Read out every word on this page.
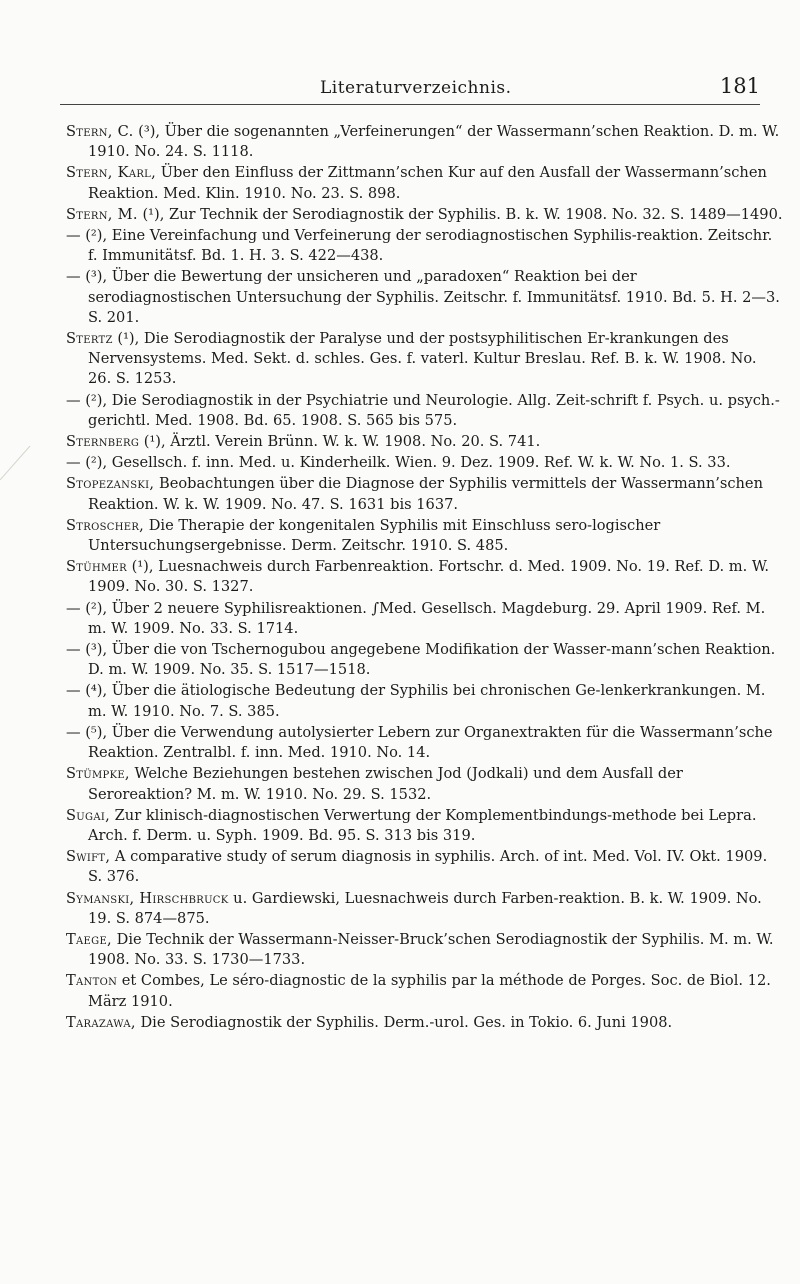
Literaturverzeichnis.	181

Stern, C. (³), Über die sogenannten „Verfeinerungen“ der Wassermann’schen Reaktion. D. m. W. 1910. No. 24. S. 1118.

Stern, Karl, Über den Einfluss der Zittmann’schen Kur auf den Ausfall der Wassermann’schen Reaktion. Med. Klin. 1910. No. 23. S. 898.

Stern, M. (¹), Zur Technik der Serodiagnostik der Syphilis. B. k. W. 1908. No. 32. S. 1489—1490.

— (²), Eine Vereinfachung und Verfeinerung der serodiagnostischen Syphilis-reaktion. Zeitschr. f. Immunitätsf. Bd. 1. H. 3. S. 422—438.

— (³), Über die Bewertung der unsicheren und „paradoxen“ Reaktion bei der serodiagnostischen Untersuchung der Syphilis. Zeitschr. f. Immunitätsf. 1910. Bd. 5. H. 2—3. S. 201.

Stertz (¹), Die Serodiagnostik der Paralyse und der postsyphilitischen Er-krankungen des Nervensystems. Med. Sekt. d. schles. Ges. f. vaterl. Kultur Breslau. Ref. B. k. W. 1908. No. 26. S. 1253.

— (²), Die Serodiagnostik in der Psychiatrie und Neurologie. Allg. Zeit-schrift f. Psych. u. psych.-gerichtl. Med. 1908. Bd. 65. 1908. S. 565 bis 575.

Sternberg (¹), Ärztl. Verein Brünn. W. k. W. 1908. No. 20. S. 741.

— (²), Gesellsch. f. inn. Med. u. Kinderheilk. Wien. 9. Dez. 1909. Ref. W. k. W. No. 1. S. 33.

Stopezanski, Beobachtungen über die Diagnose der Syphilis vermittels der Wassermann’schen Reaktion. W. k. W. 1909. No. 47. S. 1631 bis 1637.

Stroscher, Die Therapie der kongenitalen Syphilis mit Einschluss sero-logischer Untersuchungsergebnisse. Derm. Zeitschr. 1910. S. 485.

Stühmer (¹), Luesnachweis durch Farbenreaktion. Fortschr. d. Med. 1909. No. 19. Ref. D. m. W. 1909. No. 30. S. 1327.

— (²), Über 2 neuere Syphilisreaktionen. ∫Med. Gesellsch. Magdeburg. 29. April 1909. Ref. M. m. W. 1909. No. 33. S. 1714.

— (³), Über die von Tschernogubou angegebene Modifikation der Wasser-mann’schen Reaktion. D. m. W. 1909. No. 35. S. 1517—1518.

— (⁴), Über die ätiologische Bedeutung der Syphilis bei chronischen Ge-lenkerkrankungen. M. m. W. 1910. No. 7. S. 385.

— (⁵), Über die Verwendung autolysierter Lebern zur Organextrakten für die Wassermann’sche Reaktion. Zentralbl. f. inn. Med. 1910. No. 14.

Stümpke, Welche Beziehungen bestehen zwischen Jod (Jodkali) und dem Ausfall der Seroreaktion? M. m. W. 1910. No. 29. S. 1532.

Sugai, Zur klinisch-diagnostischen Verwertung der Komplementbindungs-methode bei Lepra. Arch. f. Derm. u. Syph. 1909. Bd. 95. S. 313 bis 319.

Swift, A comparative study of serum diagnosis in syphilis. Arch. of int. Med. Vol. IV. Okt. 1909. S. 376.

Symanski, Hirschbruck u. Gardiewski, Luesnachweis durch Farben-reaktion. B. k. W. 1909. No. 19. S. 874—875.

Taege, Die Technik der Wassermann-Neisser-Bruck’schen Serodiagnostik der Syphilis. M. m. W. 1908. No. 33. S. 1730—1733.

Tanton et Combes, Le séro-diagnostic de la syphilis par la méthode de Porges. Soc. de Biol. 12. März 1910.

Tarazawa, Die Serodiagnostik der Syphilis. Derm.-urol. Ges. in Tokio. 6. Juni 1908.
